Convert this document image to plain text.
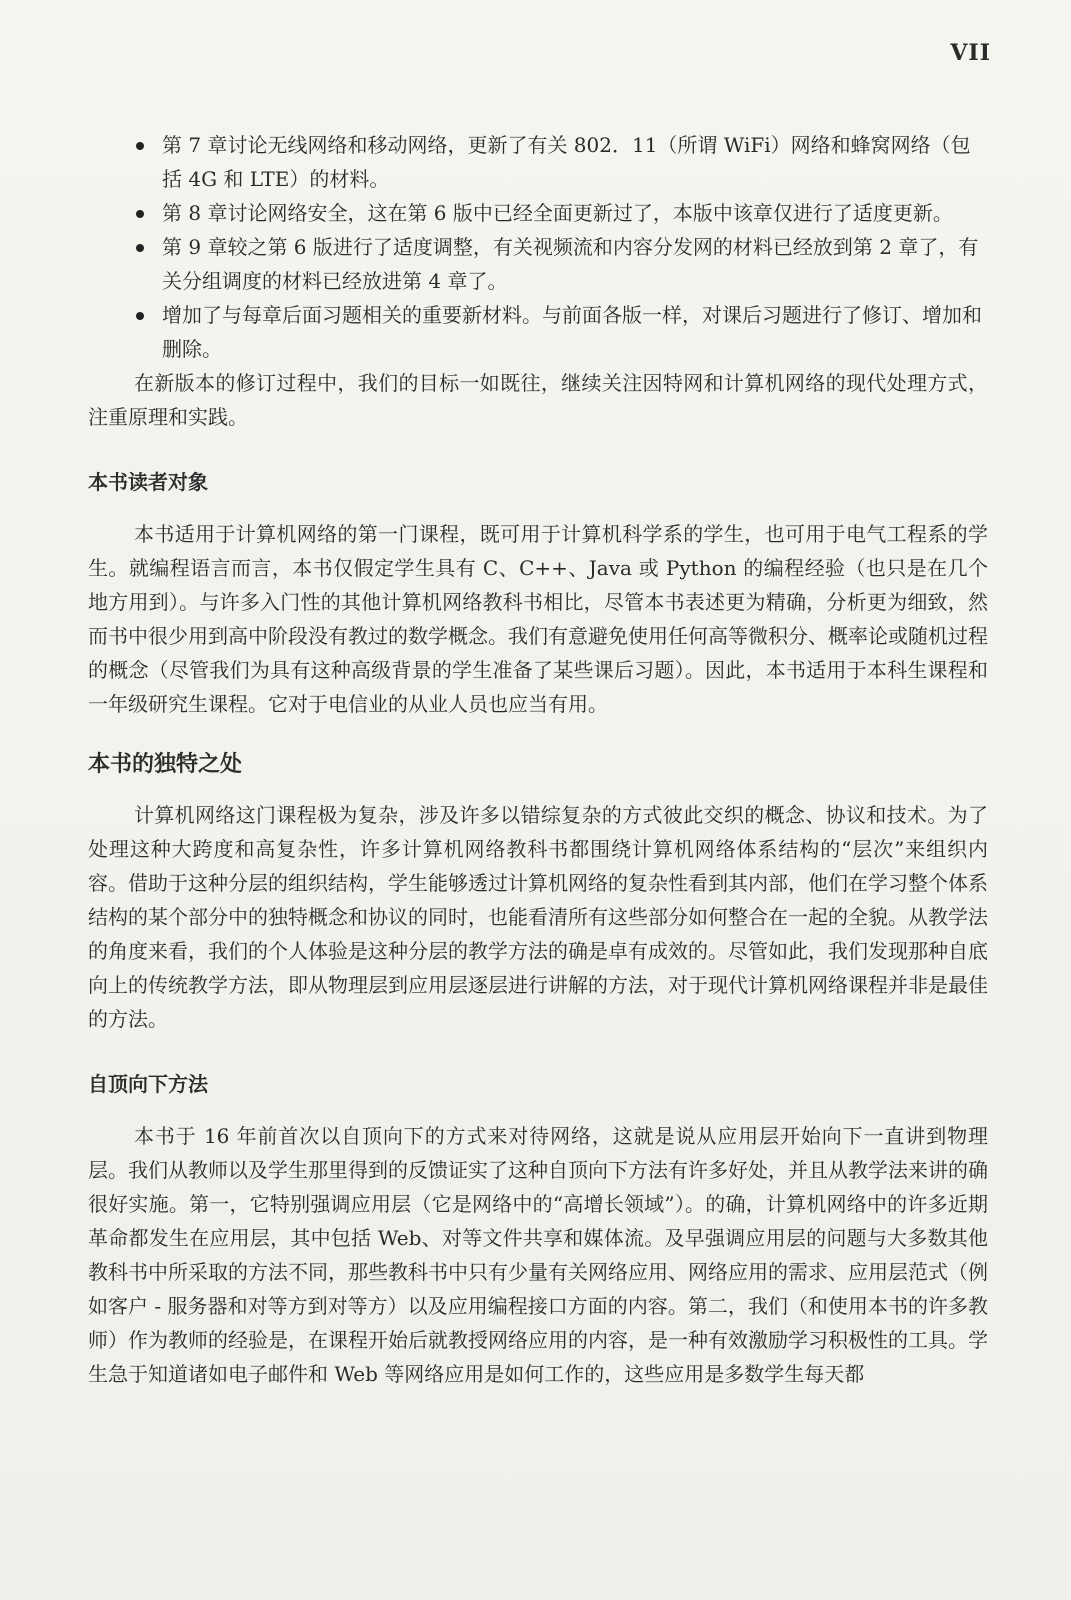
VII
第 7 章讨论无线网络和移动网络，更新了有关 802．11（所谓 WiFi）网络和蜂窝网络（包括 4G 和 LTE）的材料。
第 8 章讨论网络安全，这在第 6 版中已经全面更新过了，本版中该章仅进行了适度更新。
第 9 章较之第 6 版进行了适度调整，有关视频流和内容分发网的材料已经放到第 2 章了，有关分组调度的材料已经放进第 4 章了。
增加了与每章后面习题相关的重要新材料。与前面各版一样，对课后习题进行了修订、增加和删除。

在新版本的修订过程中，我们的目标一如既往，继续关注因特网和计算机网络的现代处理方式，注重原理和实践。

本书读者对象

本书适用于计算机网络的第一门课程，既可用于计算机科学系的学生，也可用于电气工程系的学生。就编程语言而言，本书仅假定学生具有 C、C++、Java 或 Python 的编程经验（也只是在几个地方用到）。与许多入门性的其他计算机网络教科书相比，尽管本书表述更为精确，分析更为细致，然而书中很少用到高中阶段没有教过的数学概念。我们有意避免使用任何高等微积分、概率论或随机过程的概念（尽管我们为具有这种高级背景的学生准备了某些课后习题）。因此，本书适用于本科生课程和一年级研究生课程。它对于电信业的从业人员也应当有用。

本书的独特之处

计算机网络这门课程极为复杂，涉及许多以错综复杂的方式彼此交织的概念、协议和技术。为了处理这种大跨度和高复杂性，许多计算机网络教科书都围绕计算机网络体系结构的“层次”来组织内容。借助于这种分层的组织结构，学生能够透过计算机网络的复杂性看到其内部，他们在学习整个体系结构的某个部分中的独特概念和协议的同时，也能看清所有这些部分如何整合在一起的全貌。从教学法的角度来看，我们的个人体验是这种分层的教学方法的确是卓有成效的。尽管如此，我们发现那种自底向上的传统教学方法，即从物理层到应用层逐层进行讲解的方法，对于现代计算机网络课程并非是最佳的方法。

自顶向下方法

本书于 16 年前首次以自顶向下的方式来对待网络，这就是说从应用层开始向下一直讲到物理层。我们从教师以及学生那里得到的反馈证实了这种自顶向下方法有许多好处，并且从教学法来讲的确很好实施。第一，它特别强调应用层（它是网络中的“高增长领域”）。的确，计算机网络中的许多近期革命都发生在应用层，其中包括 Web、对等文件共享和媒体流。及早强调应用层的问题与大多数其他教科书中所采取的方法不同，那些教科书中只有少量有关网络应用、网络应用的需求、应用层范式（例如客户 - 服务器和对等方到对等方）以及应用编程接口方面的内容。第二，我们（和使用本书的许多教师）作为教师的经验是，在课程开始后就教授网络应用的内容，是一种有效激励学习积极性的工具。学生急于知道诸如电子邮件和 Web 等网络应用是如何工作的，这些应用是多数学生每天都
